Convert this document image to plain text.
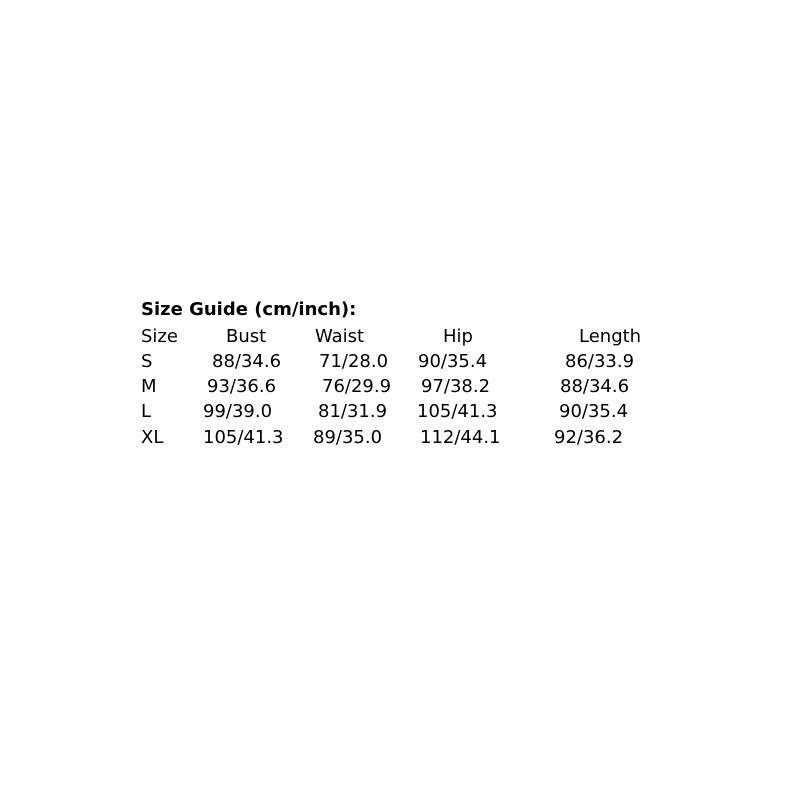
Size Guide (cm/inch):
Size	Bust	Waist	Hip	Length
S	88/34.6 71/28.0 90/35.4	86/33.9
M	93/36.6	76/29.9 97/38.2	88/34.6
L	99/39.0	81/31.9 105/41.3	90/35.4
XL 105/41.3 89/35.0 112/44.1	92/36.2
